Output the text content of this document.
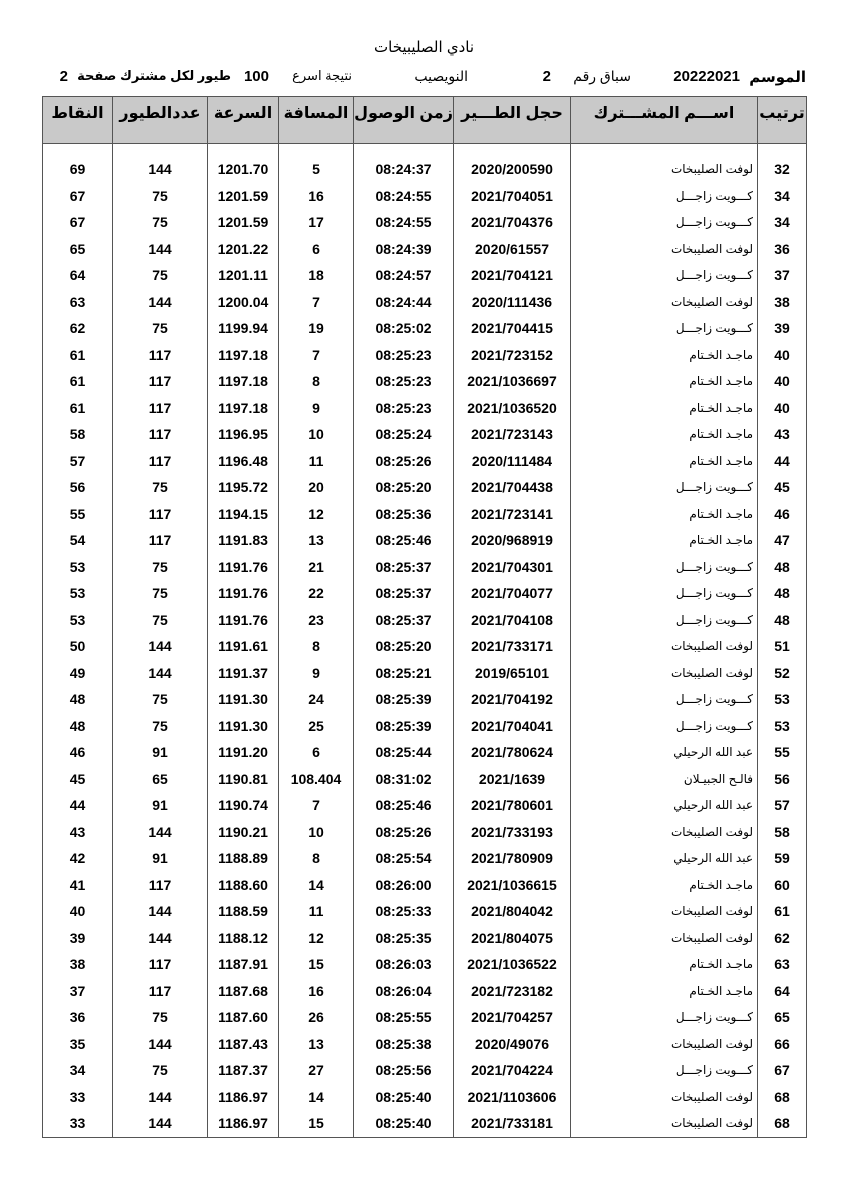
نادي الصليبيخات
الموسم
20222021
سباق رقم
2
النويصيب
نتيجة اسرع
100
طيور لكل مشترك صفحة
2
ترتيب	اســـم المشـــترك	حجل الطـــير	زمن الوصول	المسافة	السرعة	عددالطيور	النقاط

32	لوفت الصليبخات	2020/200590	08:24:37	5	1201.70	144	69
34	كـــويت زاجـــل	2021/704051	08:24:55	16	1201.59	75	67
34	كـــويت زاجـــل	2021/704376	08:24:55	17	1201.59	75	67
36	لوفت الصليبخات	2020/61557	08:24:39	6	1201.22	144	65
37	كـــويت زاجـــل	2021/704121	08:24:57	18	1201.11	75	64
38	لوفت الصليبخات	2020/111436	08:24:44	7	1200.04	144	63
39	كـــويت زاجـــل	2021/704415	08:25:02	19	1199.94	75	62
40	ماجـد الخـتام	2021/723152	08:25:23	7	1197.18	117	61
40	ماجـد الخـتام	2021/1036697	08:25:23	8	1197.18	117	61
40	ماجـد الخـتام	2021/1036520	08:25:23	9	1197.18	117	61
43	ماجـد الخـتام	2021/723143	08:25:24	10	1196.95	117	58
44	ماجـد الخـتام	2020/111484	08:25:26	11	1196.48	117	57
45	كـــويت زاجـــل	2021/704438	08:25:20	20	1195.72	75	56
46	ماجـد الخـتام	2021/723141	08:25:36	12	1194.15	117	55
47	ماجـد الخـتام	2020/968919	08:25:46	13	1191.83	117	54
48	كـــويت زاجـــل	2021/704301	08:25:37	21	1191.76	75	53
48	كـــويت زاجـــل	2021/704077	08:25:37	22	1191.76	75	53
48	كـــويت زاجـــل	2021/704108	08:25:37	23	1191.76	75	53
51	لوفت الصليبخات	2021/733171	08:25:20	8	1191.61	144	50
52	لوفت الصليبخات	2019/65101	08:25:21	9	1191.37	144	49
53	كـــويت زاجـــل	2021/704192	08:25:39	24	1191.30	75	48
53	كـــويت زاجـــل	2021/704041	08:25:39	25	1191.30	75	48
55	عبد الله الرحيلي	2021/780624	08:25:44	6	1191.20	91	46
56	فالـح الجبيـلان	2021/1639	08:31:02	108.404	1190.81	65	45
57	عبد الله الرحيلي	2021/780601	08:25:46	7	1190.74	91	44
58	لوفت الصليبخات	2021/733193	08:25:26	10	1190.21	144	43
59	عبد الله الرحيلي	2021/780909	08:25:54	8	1188.89	91	42
60	ماجـد الخـتام	2021/1036615	08:26:00	14	1188.60	117	41
61	لوفت الصليبخات	2021/804042	08:25:33	11	1188.59	144	40
62	لوفت الصليبخات	2021/804075	08:25:35	12	1188.12	144	39
63	ماجـد الخـتام	2021/1036522	08:26:03	15	1187.91	117	38
64	ماجـد الخـتام	2021/723182	08:26:04	16	1187.68	117	37
65	كـــويت زاجـــل	2021/704257	08:25:55	26	1187.60	75	36
66	لوفت الصليبخات	2020/49076	08:25:38	13	1187.43	144	35
67	كـــويت زاجـــل	2021/704224	08:25:56	27	1187.37	75	34
68	لوفت الصليبخات	2021/1103606	08:25:40	14	1186.97	144	33
68	لوفت الصليبخات	2021/733181	08:25:40	15	1186.97	144	33
